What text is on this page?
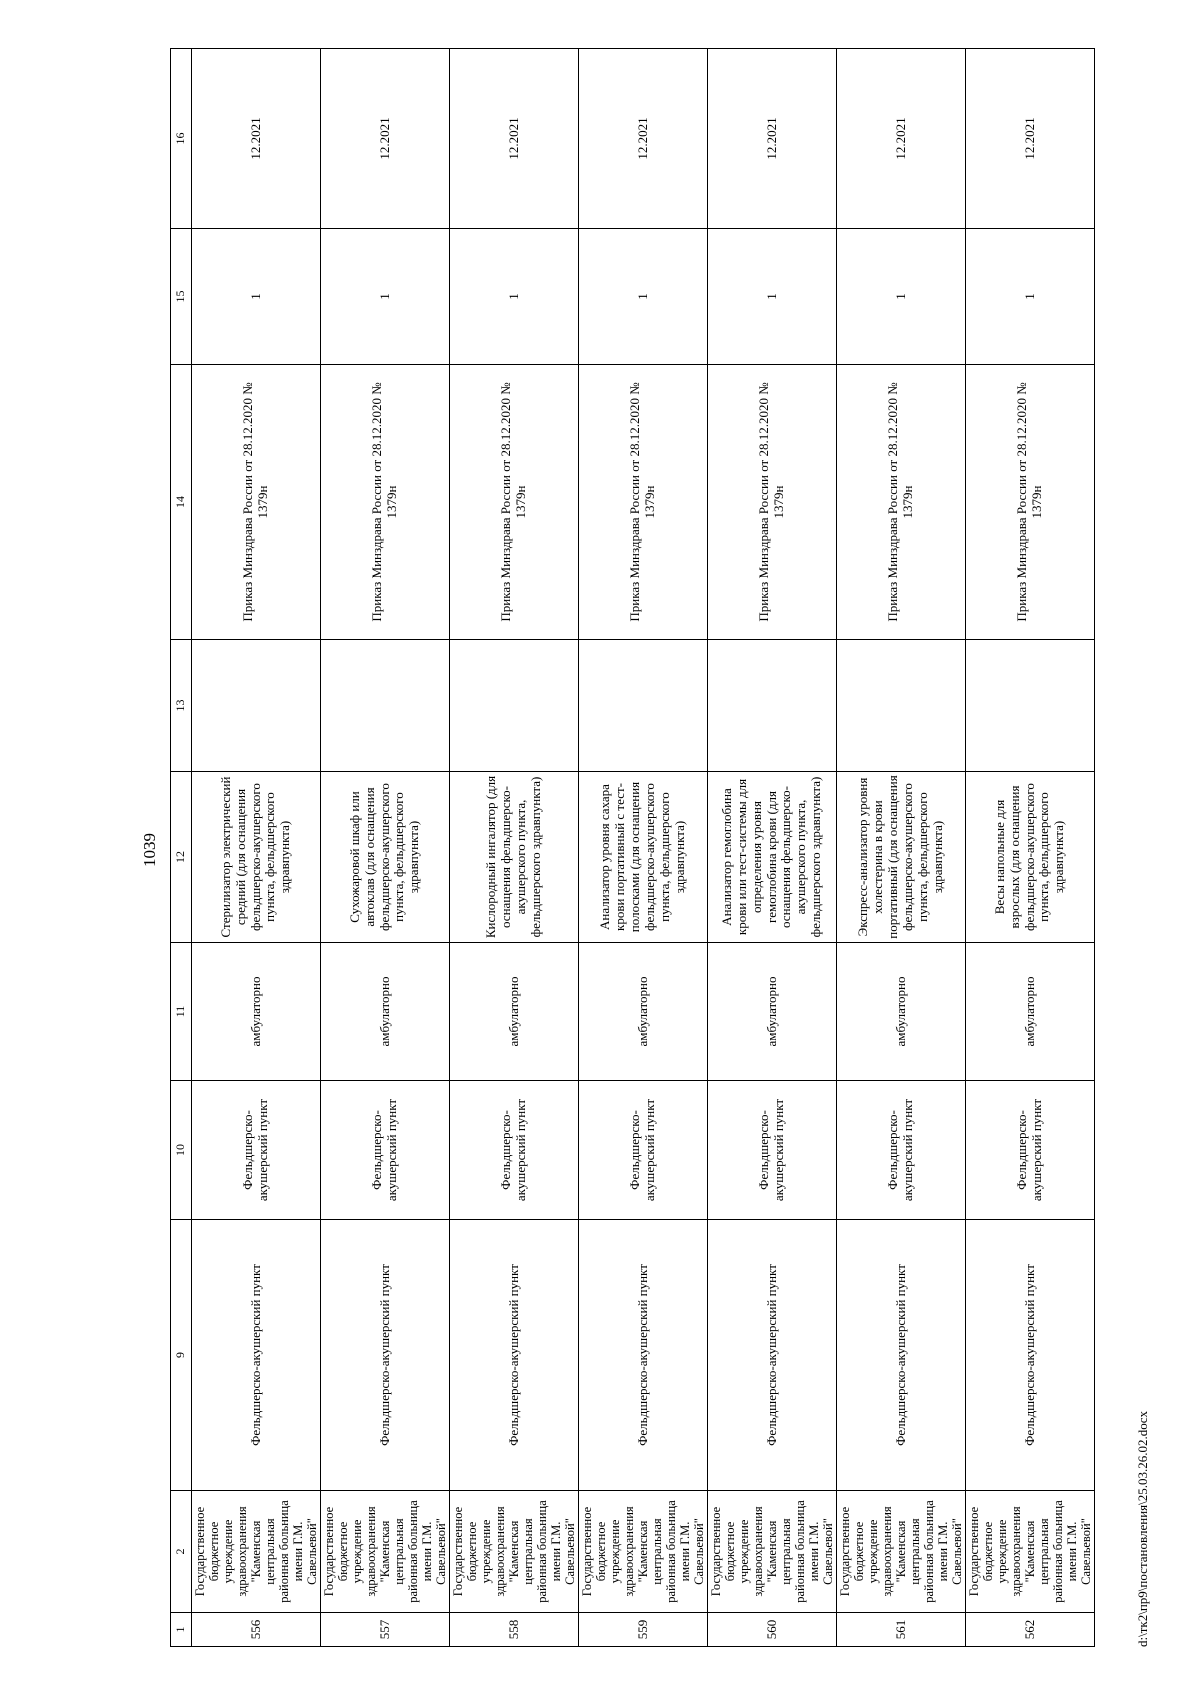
1039
1	2	9	10	11	12	13	14	15	16
556	Государственное бюджетное учреждение здравоохранения "Каменская центральная районная больница имени Г.М. Савельевой"	Фельдшерско-акушерский пункт	Фельдшерско-акушерский пункт	амбулаторно	Стерилизатор электрический средний (для оснащения фельдшерско-акушерского пункта, фельдшерского здравпункта)		Приказ Минздрава России от 28.12.2020 № 1379н	1	12.2021
557	Государственное бюджетное учреждение здравоохранения "Каменская центральная районная больница имени Г.М. Савельевой"	Фельдшерско-акушерский пункт	Фельдшерско-акушерский пункт	амбулаторно	Сухожаровой шкаф или автоклав (для оснащения фельдшерско-акушерского пункта, фельдшерского здравпункта)		Приказ Минздрава России от 28.12.2020 № 1379н	1	12.2021
558	Государственное бюджетное учреждение здравоохранения "Каменская центральная районная больница имени Г.М. Савельевой"	Фельдшерско-акушерский пункт	Фельдшерско-акушерский пункт	амбулаторно	Кислородный ингалятор (для оснащения фельдшерско-акушерского пункта, фельдшерского здравпункта)		Приказ Минздрава России от 28.12.2020 № 1379н	1	12.2021
559	Государственное бюджетное учреждение здравоохранения "Каменская центральная районная больница имени Г.М. Савельевой"	Фельдшерско-акушерский пункт	Фельдшерско-акушерский пункт	амбулаторно	Анализатор уровня сахара крови портативный с тест-полосками (для оснащения фельдшерско-акушерского пункта, фельдшерского здравпункта)		Приказ Минздрава России от 28.12.2020 № 1379н	1	12.2021
560	Государственное бюджетное учреждение здравоохранения "Каменская центральная районная больница имени Г.М. Савельевой"	Фельдшерско-акушерский пункт	Фельдшерско-акушерский пункт	амбулаторно	Анализатор гемоглобина крови или тест-системы для определения уровня гемоглобина крови (для оснащения фельдшерско-акушерского пункта, фельдшерского здравпункта)		Приказ Минздрава России от 28.12.2020 № 1379н	1	12.2021
561	Государственное бюджетное учреждение здравоохранения "Каменская центральная районная больница имени Г.М. Савельевой"	Фельдшерско-акушерский пункт	Фельдшерско-акушерский пункт	амбулаторно	Экспресс-анализатор уровня холестерина в крови портативный (для оснащения фельдшерско-акушерского пункта, фельдшерского здравпункта)		Приказ Минздрава России от 28.12.2020 № 1379н	1	12.2021
562	Государственное бюджетное учреждение здравоохранения "Каменская центральная районная больница имени Г.М. Савельевой"	Фельдшерско-акушерский пункт	Фельдшерско-акушерский пункт	амбулаторно	Весы напольные для взрослых (для оснащения фельдшерско-акушерского пункта, фельдшерского здравпункта)		Приказ Минздрава России от 28.12.2020 № 1379н	1	12.2021
d:\тк2\пр9\постановления\25.03.26.02.docx
